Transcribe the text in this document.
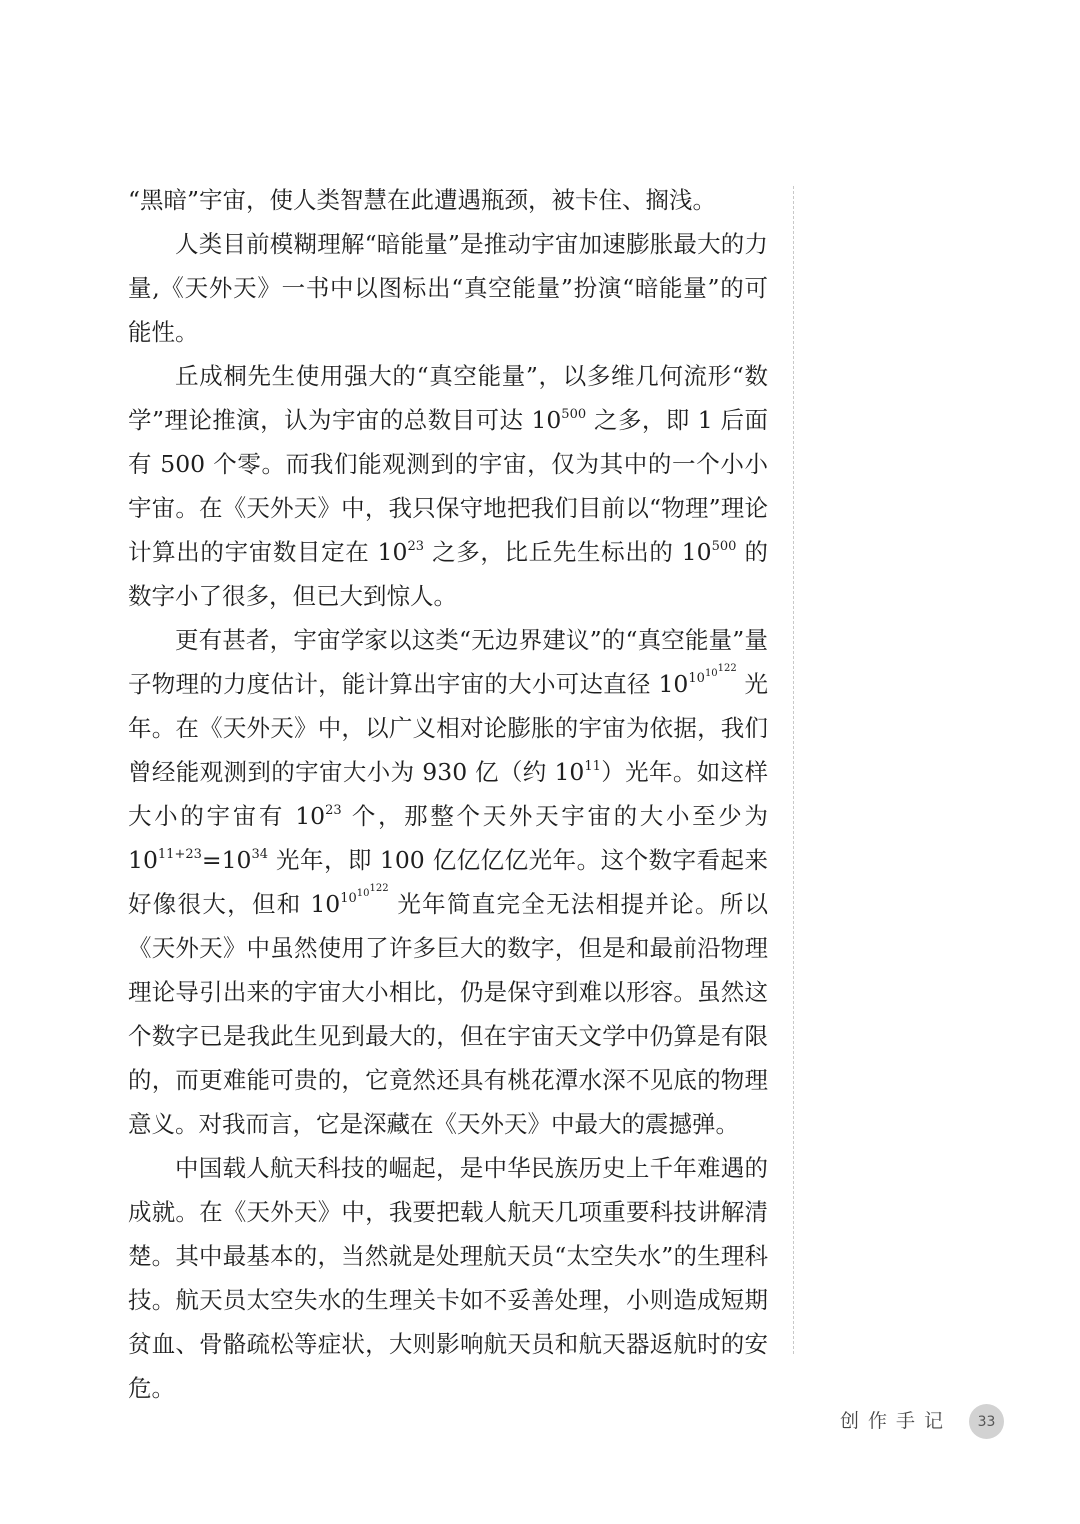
“黑暗”宇宙，使人类智慧在此遭遇瓶颈，被卡住、搁浅。

人类目前模糊理解“暗能量”是推动宇宙加速膨胀最大的力量,《天外天》一书中以图标出“真空能量”扮演“暗能量”的可能性。

丘成桐先生使用强大的“真空能量”，以多维几何流形“数学”理论推演，认为宇宙的总数目可达 $10^{500}$ 之多，即 1 后面有 500 个零。而我们能观测到的宇宙，仅为其中的一个小小宇宙。在《天外天》中，我只保守地把我们目前以“物理”理论计算出的宇宙数目定在 $10^{23}$ 之多，比丘先生标出的 $10^{500}$ 的数字小了很多，但已大到惊人。

更有甚者，宇宙学家以这类“无边界建议”的“真空能量”量子物理的力度估计，能计算出宇宙的大小可达直径 $10^{10^{10^{122}}}$ 光年。在《天外天》中，以广义相对论膨胀的宇宙为依据，我们曾经能观测到的宇宙大小为 930 亿（约 $10^{11}$）光年。如这样大小的宇宙有 $10^{23}$ 个，那整个天外天宇宙的大小至少为 $10^{11+23}=10^{34}$ 光年，即 100 亿亿亿亿光年。这个数字看起来好像很大，但和 $10^{10^{10^{122}}}$ 光年简直完全无法相提并论。所以《天外天》中虽然使用了许多巨大的数字，但是和最前沿物理理论导引出来的宇宙大小相比，仍是保守到难以形容。虽然这个数字已是我此生见到最大的，但在宇宙天文学中仍算是有限的，而更难能可贵的，它竟然还具有桃花潭水深不见底的物理意义。对我而言，它是深藏在《天外天》中最大的震撼弹。

中国载人航天科技的崛起，是中华民族历史上千年难遇的成就。在《天外天》中，我要把载人航天几项重要科技讲解清楚。其中最基本的，当然就是处理航天员“太空失水”的生理科技。航天员太空失水的生理关卡如不妥善处理，小则造成短期贫血、骨骼疏松等症状，大则影响航天员和航天器返航时的安危。

创作手记	33
